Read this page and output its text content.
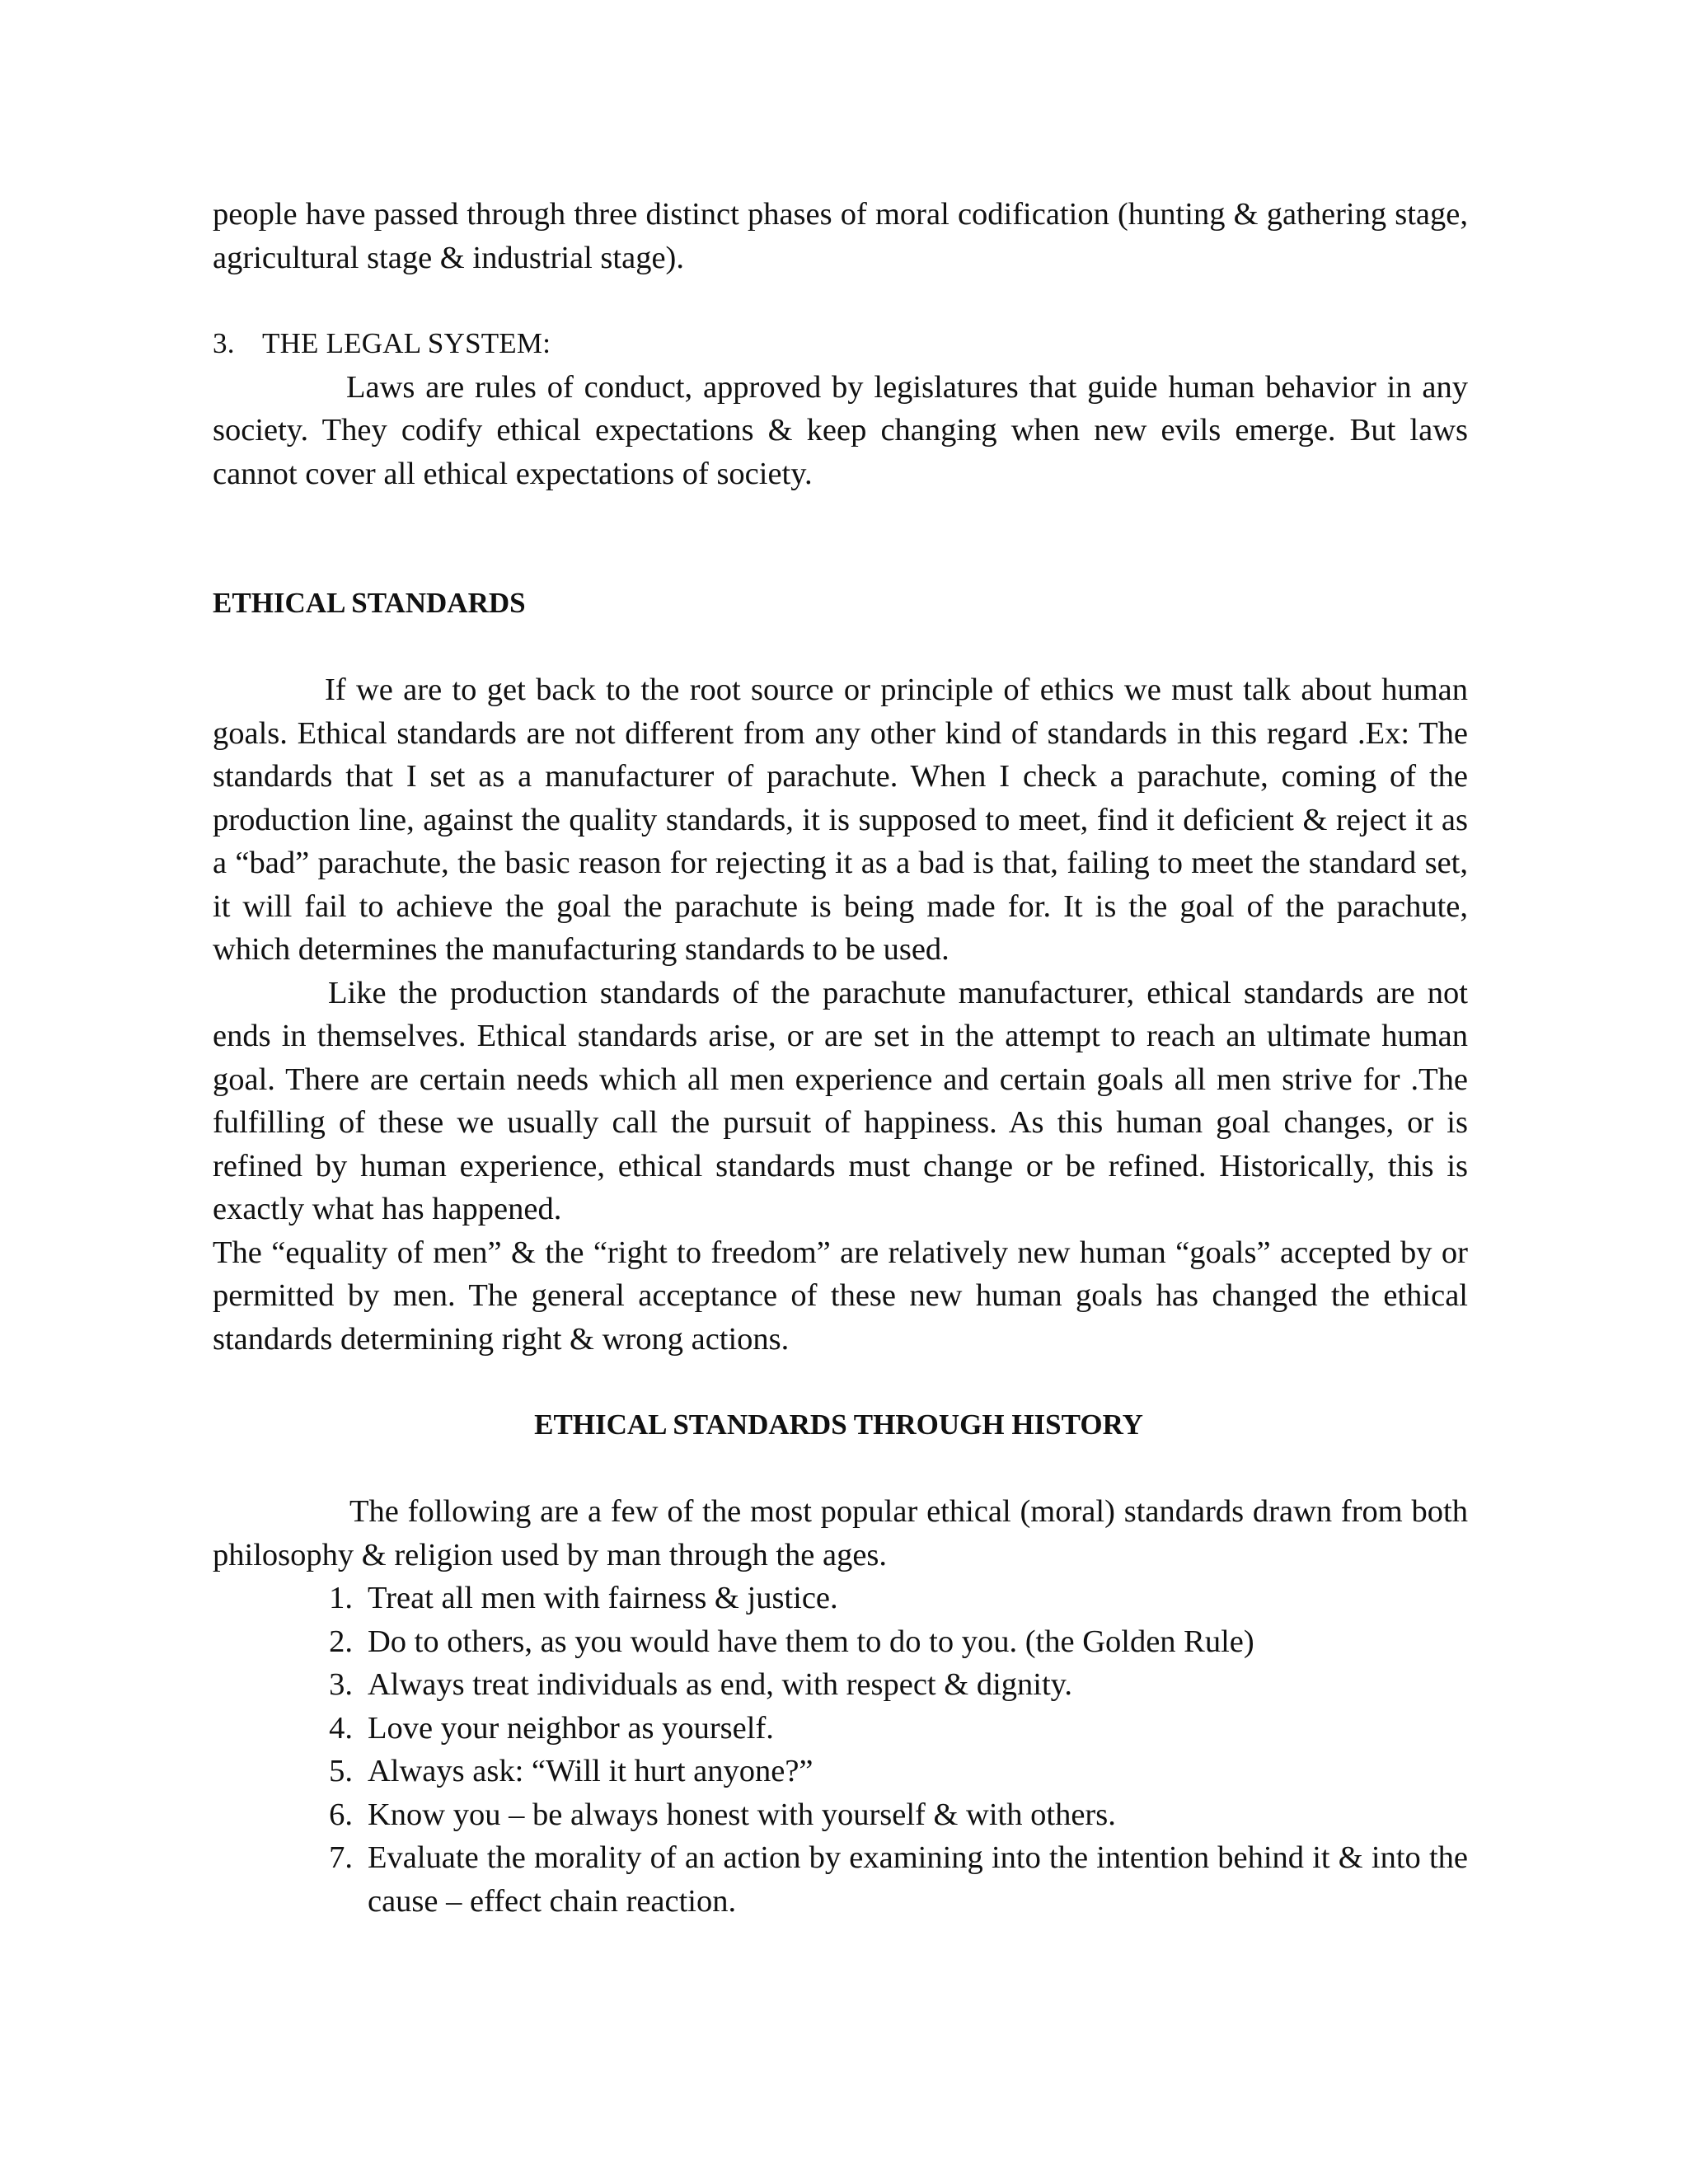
people have passed through three distinct phases of moral codification (hunting & gathering stage, agricultural stage & industrial stage).

3. THE LEGAL SYSTEM:

Laws are rules of conduct, approved by legislatures that guide human behavior in any society. They codify ethical expectations & keep changing when new evils emerge. But laws cannot cover all ethical expectations of society.

ETHICAL STANDARDS

If we are to get back to the root source or principle of ethics we must talk about human goals. Ethical standards are not different from any other kind of standards in this regard .Ex: The standards that I set as a manufacturer of parachute. When I check a parachute, coming of the production line, against the quality standards, it is supposed to meet, find it deficient & reject it as a “bad” parachute, the basic reason for rejecting it as a bad is that, failing to meet the standard set, it will fail to achieve the goal the parachute is being made for. It is the goal of the parachute, which determines the manufacturing standards to be used.

Like the production standards of the parachute manufacturer, ethical standards are not ends in themselves. Ethical standards arise, or are set in the attempt to reach an ultimate human goal. There are certain needs which all men experience and certain goals all men strive for .The fulfilling of these we usually call the pursuit of happiness. As this human goal changes, or is refined by human experience, ethical standards must change or be refined. Historically, this is exactly what has happened.

The “equality of men” & the “right to freedom” are relatively new human “goals” accepted by or permitted by men. The general acceptance of these new human goals has changed the ethical standards determining right & wrong actions.

ETHICAL STANDARDS THROUGH HISTORY

The following are a few of the most popular ethical (moral) standards drawn from both philosophy & religion used by man through the ages.

1. Treat all men with fairness & justice.
2. Do to others, as you would have them to do to you. (the Golden Rule)
3. Always treat individuals as end, with respect & dignity.
4. Love your neighbor as yourself.
5. Always ask: “Will it hurt anyone?”
6. Know you – be always honest with yourself & with others.
7. Evaluate the morality of an action by examining into the intention behind it & into the cause – effect chain reaction.
